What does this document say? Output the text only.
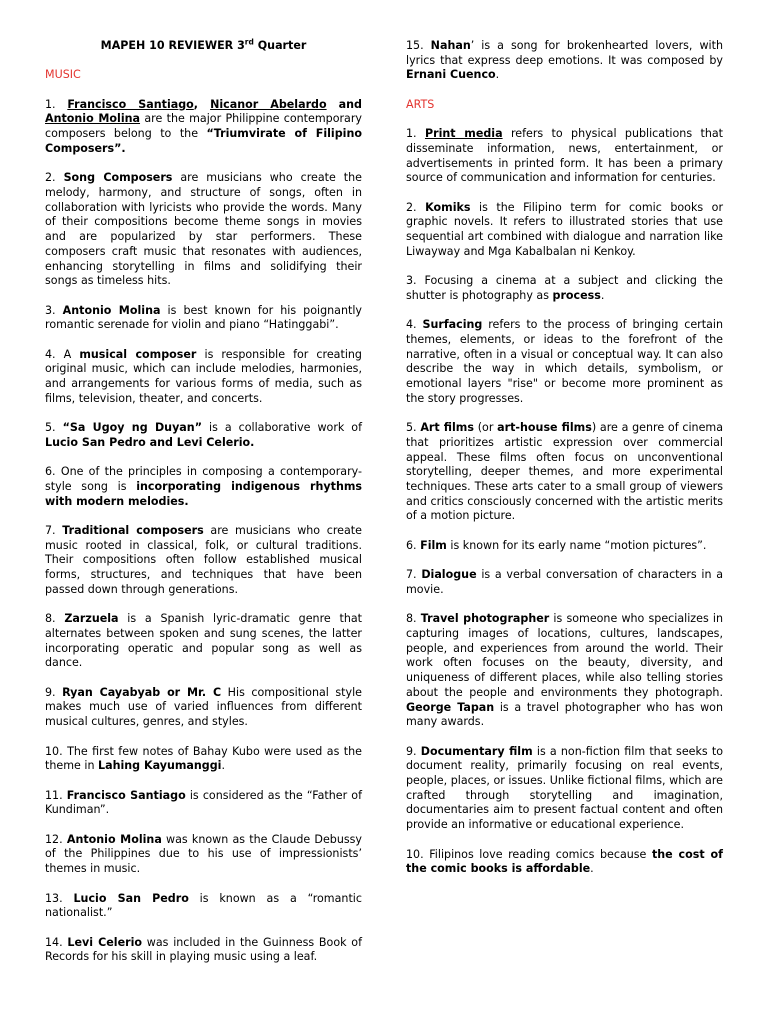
MAPEH 10 REVIEWER 3rd Quarter
MUSIC

1. Francisco Santiago, Nicanor Abelardo and Antonio Molina are the major Philippine contemporary composers belong to the “Triumvirate of Filipino Composers”.

2. Song Composers are musicians who create the melody, harmony, and structure of songs, often in collaboration with lyricists who provide the words. Many of their compositions become theme songs in movies and are popularized by star performers. These composers craft music that resonates with audiences, enhancing storytelling in films and solidifying their songs as timeless hits.

3. Antonio Molina is best known for his poignantly romantic serenade for violin and piano “Hatinggabi”.

4. A musical composer is responsible for creating original music, which can include melodies, harmonies, and arrangements for various forms of media, such as films, television, theater, and concerts.

5. “Sa Ugoy ng Duyan” is a collaborative work of Lucio San Pedro and Levi Celerio.

6. One of the principles in composing a contemporary-style song is incorporating indigenous rhythms with modern melodies.

7. Traditional composers are musicians who create music rooted in classical, folk, or cultural traditions. Their compositions often follow established musical forms, structures, and techniques that have been passed down through generations.

8. Zarzuela is a Spanish lyric-dramatic genre that alternates between spoken and sung scenes, the latter incorporating operatic and popular song as well as dance.

9. Ryan Cayabyab or Mr. C His compositional style makes much use of varied influences from different musical cultures, genres, and styles.

10. The first few notes of Bahay Kubo were used as the theme in Lahing Kayumanggi.

11. Francisco Santiago is considered as the “Father of Kundiman”.

12. Antonio Molina was known as the Claude Debussy of the Philippines due to his use of impressionists’ themes in music.

13. Lucio San Pedro is known as a “romantic nationalist.”

14. Levi Celerio was included in the Guinness Book of Records for his skill in playing music using a leaf.

15. Nahan’ is a song for brokenhearted lovers, with lyrics that express deep emotions. It was composed by Ernani Cuenco.

ARTS

1. Print media refers to physical publications that disseminate information, news, entertainment, or advertisements in printed form. It has been a primary source of communication and information for centuries.

2. Komiks is the Filipino term for comic books or graphic novels. It refers to illustrated stories that use sequential art combined with dialogue and narration like Liwayway and Mga Kabalbalan ni Kenkoy.

3. Focusing a cinema at a subject and clicking the shutter is photography as process.

4. Surfacing refers to the process of bringing certain themes, elements, or ideas to the forefront of the narrative, often in a visual or conceptual way. It can also describe the way in which details, symbolism, or emotional layers "rise" or become more prominent as the story progresses.

5. Art films (or art-house films) are a genre of cinema that prioritizes artistic expression over commercial appeal. These films often focus on unconventional storytelling, deeper themes, and more experimental techniques. These arts cater to a small group of viewers and critics consciously concerned with the artistic merits of a motion picture.

6. Film is known for its early name “motion pictures”.

7. Dialogue is a verbal conversation of characters in a movie.

8. Travel photographer is someone who specializes in capturing images of locations, cultures, landscapes, people, and experiences from around the world. Their work often focuses on the beauty, diversity, and uniqueness of different places, while also telling stories about the people and environments they photograph. George Tapan is a travel photographer who has won many awards.

9. Documentary film is a non-fiction film that seeks to document reality, primarily focusing on real events, people, places, or issues. Unlike fictional films, which are crafted through storytelling and imagination, documentaries aim to present factual content and often provide an informative or educational experience.

10. Filipinos love reading comics because the cost of the comic books is affordable.
